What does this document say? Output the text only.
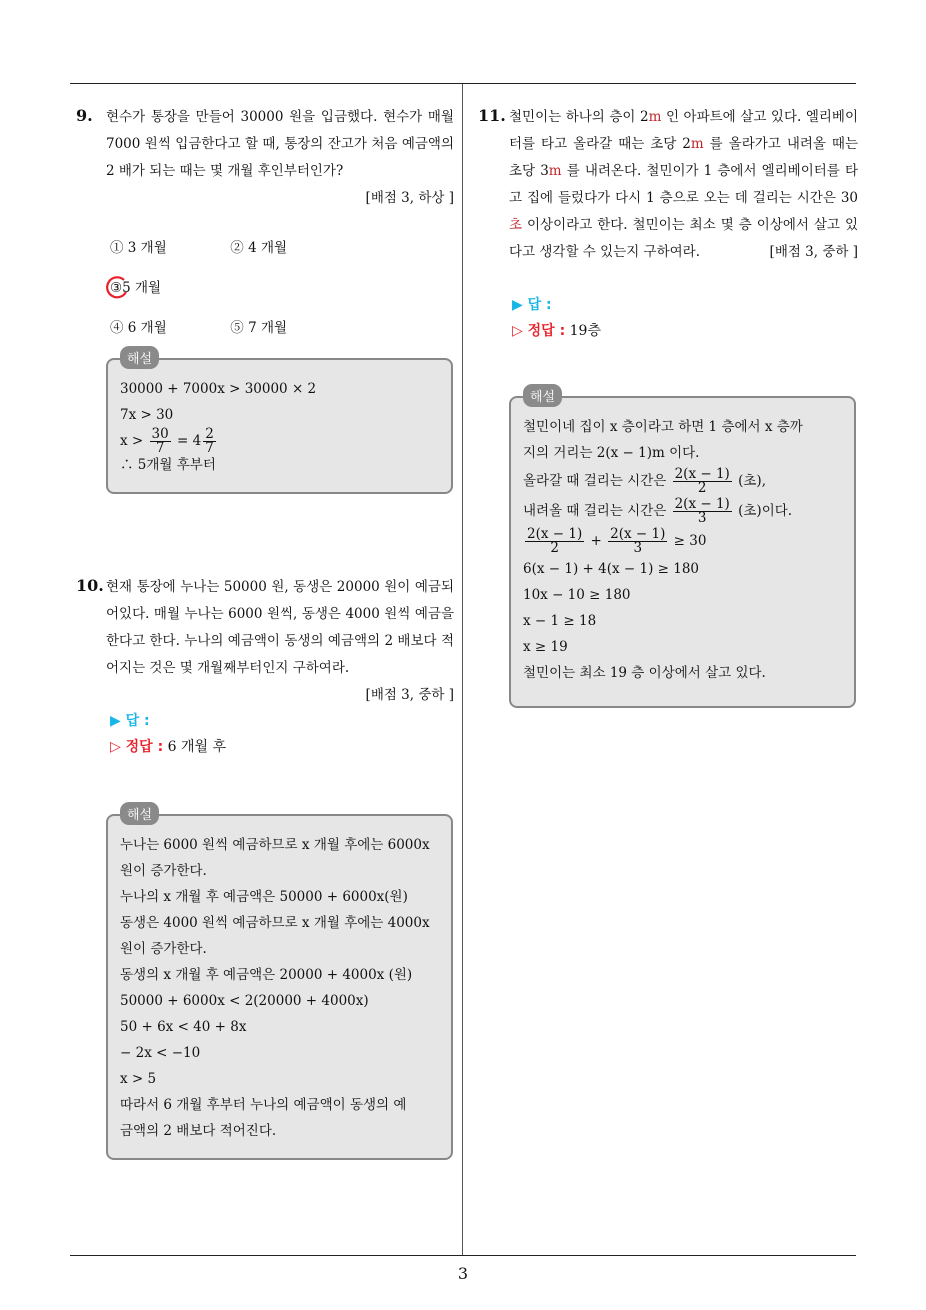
9. 현수가 통장을 만들어 30000 원을 입금했다. 현수가 매월 7000 원씩 입금한다고 할 때, 통장의 잔고가 처음 예금액의 2 배가 되는 때는 몇 개월 후인부터인가?
[배점 3, 하상 ]
① 3 개월	② 4 개월 ③
5 개월
④ 6 개월	⑤ 7 개월
해설
30000 + 7000x > 30000 × 2
7x > 30
$x > \frac{30}{7} = 4 \frac{2}{7}$
∴ 5개월 후부터
10. 현재 통장에 누나는 50000 원, 동생은 20000 원이 예금되어있다. 매월 누나는 6000 원씩, 동생은 4000 원씩 예금을 한다고 한다. 누나의 예금액이 동생의 예금액의 2 배보다 적어지는 것은 몇 개월째부터인지 구하여라.
[배점 3, 중하 ]
▶ 답 :
▷ 정답 : 6 개월 후
해설
누나는 6000 원씩 예금하므로 x 개월 후에는 6000x
원이 증가한다.
누나의 x 개월 후 예금액은 50000 + 6000x(원)
동생은 4000 원씩 예금하므로 x 개월 후에는 4000x
원이 증가한다.
동생의 x 개월 후 예금액은 20000 + 4000x (원)
50000 + 6000x < 2(20000 + 4000x)
50 + 6x < 40 + 8x
− 2x < −10
x > 5
따라서 6 개월 후부터 누나의 예금액이 동생의 예
금액의 2 배보다 적어진다.
11. 철민이는 하나의 층이 2m 인 아파트에 살고 있다. 엘리베이터를 타고 올라갈 때는 초당 2m 를 올라가고 내려올 때는 초당 3m 를 내려온다. 철민이가 1 층에서 엘리베이터를 타고 집에 들렀다가 다시 1 층으로 오는 데 걸리는 시간은 30초 이상이라고 한다. 철민이는 최소 몇 층 이상에서 살고 있다고 생각할 수 있는지 구하여라.	[배점 3, 중하 ]
▶ 답 :
▷ 정답 : 19층
해설
철민이네 집이 x 층이라고 하면 1 층에서 x 층까
지의 거리는 2(x − 1)m 이다.
올라갈 때 걸리는 시간은 $\frac{2(x - 1)}{2}$ (초),
내려올 때 걸리는 시간은 $\frac{2(x - 1)}{3}$ (초)이다.
$\frac{2(x - 1)}{2} + \frac{2(x - 1)}{3} \ge 30$
6(x − 1) + 4(x − 1) ≥ 180
10x − 10 ≥ 180
x − 1 ≥ 18
x ≥ 19
철민이는 최소 19 층 이상에서 살고 있다.
3
